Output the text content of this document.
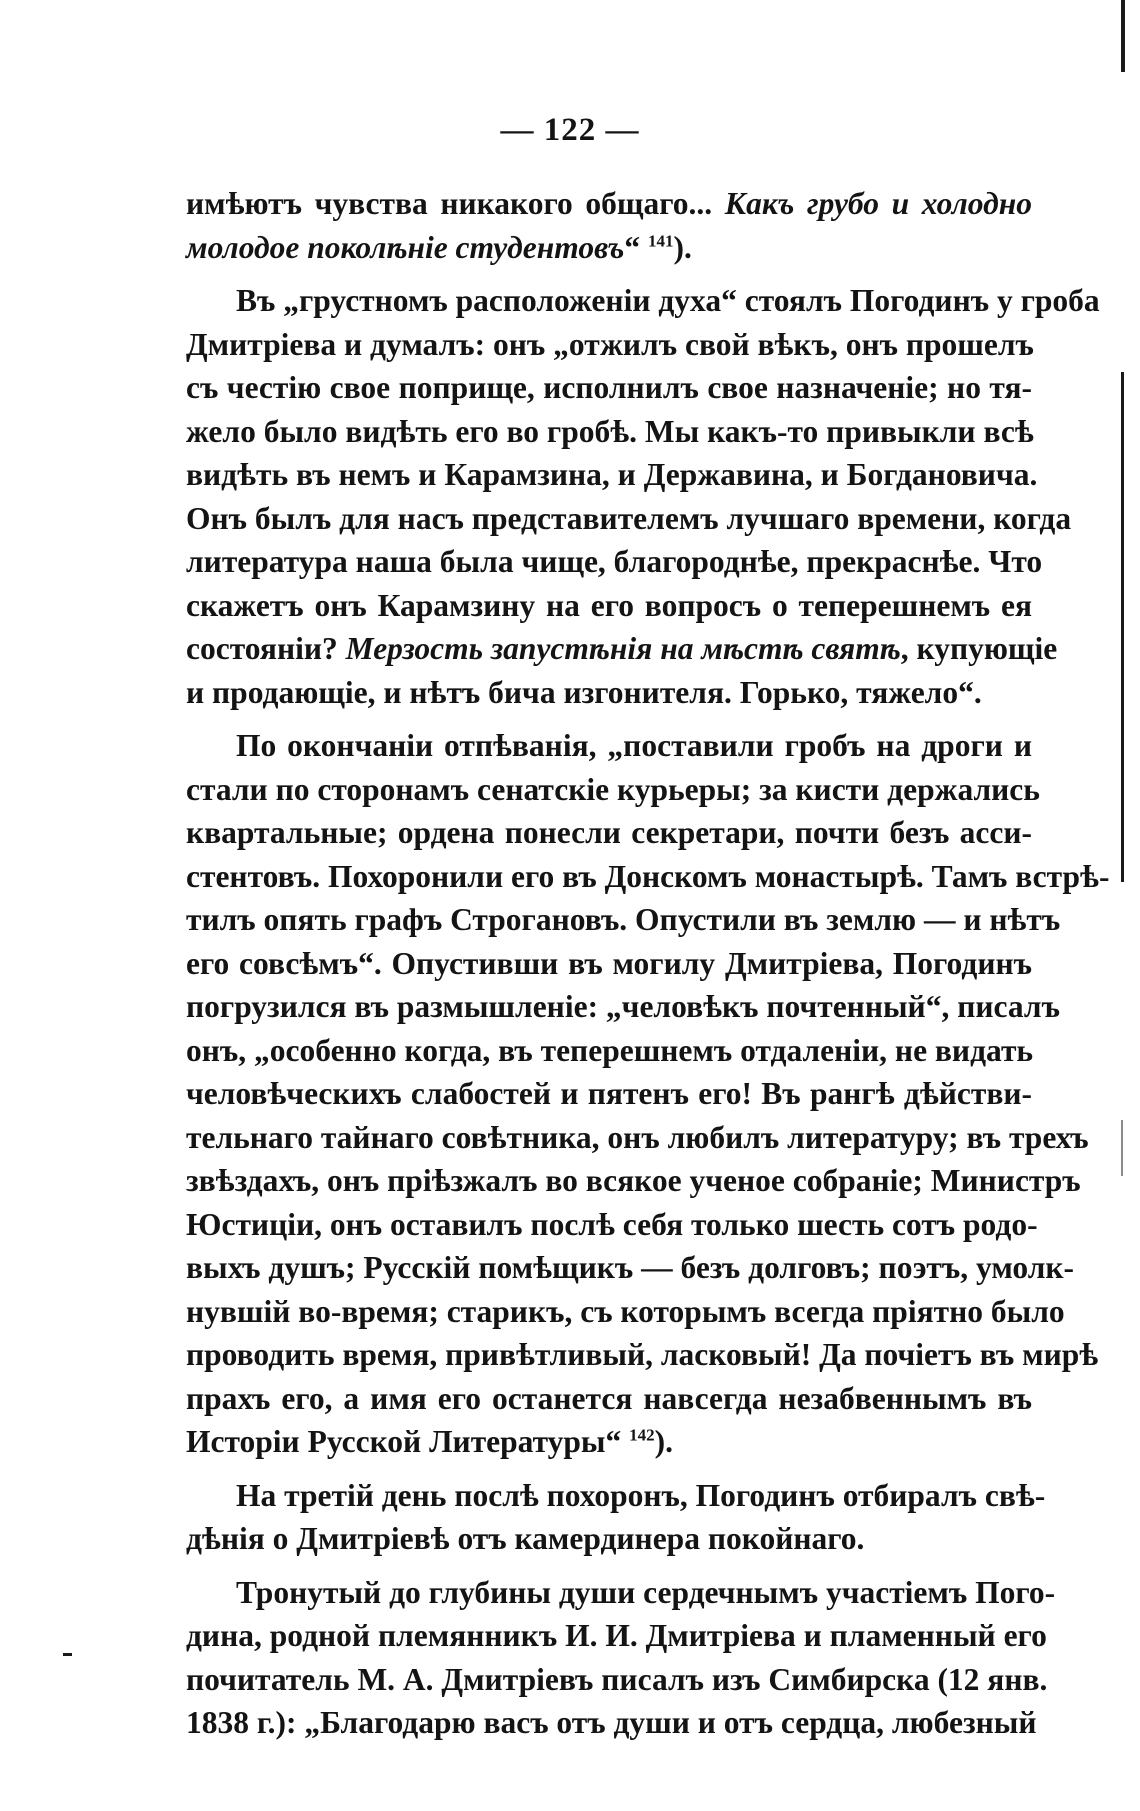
— 122 —
имѣютъ чувства никакого общаго... Какъ грубо и холодно
молодое поколѣніе студентовъ“ $^{141}$).
Въ „грустномъ расположеніи духа“ стоялъ Погодинъ у гроба
Дмитріева и думалъ: онъ „отжилъ свой вѣкъ, онъ прошелъ
съ честію свое поприще, исполнилъ свое назначеніе; но тя-
жело было видѣть его во гробѣ. Мы какъ-то привыкли всѣ
видѣть въ немъ и Карамзина, и Державина, и Богдановича.
Онъ былъ для насъ представителемъ лучшаго времени, когда
литература наша была чище, благороднѣе, прекраснѣе. Что
скажетъ онъ Карамзину на его вопросъ о теперешнемъ ея
состояніи? Мерзость запустѣнія на мѣстѣ святѣ, купующіе
и продающіе, и нѣтъ бича изгонителя. Горько, тяжело“.
По окончаніи отпѣванія, „поставили гробъ на дроги и
стали по сторонамъ сенатскіе курьеры; за кисти держались
квартальные; ордена понесли секретари, почти безъ асси-
стентовъ. Похоронили его въ Донскомъ монастырѣ. Тамъ встрѣ-
тилъ опять графъ Строгановъ. Опустили въ землю — и нѣтъ
его совсѣмъ“. Опустивши въ могилу Дмитріева, Погодинъ
погрузился въ размышленіе: „человѣкъ почтенный“, писалъ
онъ, „особенно когда, въ теперешнемъ отдаленіи, не видать
человѣческихъ слабостей и пятенъ его! Въ рангѣ дѣйстви-
тельнаго тайнаго совѣтника, онъ любилъ литературу; въ трехъ
звѣздахъ, онъ пріѣзжалъ во всякое ученое собраніе; Министръ
Юстиціи, онъ оставилъ послѣ себя только шесть сотъ родо-
выхъ душъ; Русскій помѣщикъ — безъ долговъ; поэтъ, умолк-
нувшій во-время; старикъ, съ которымъ всегда пріятно было
проводить время, привѣтливый, ласковый! Да почіетъ въ мирѣ
прахъ его, а имя его останется навсегда незабвеннымъ въ
Исторіи Русской Литературы“ $^{142}$).
На третій день послѣ похоронъ, Погодинъ отбиралъ свѣ-
дѣнія о Дмитріевѣ отъ камердинера покойнаго.
Тронутый до глубины души сердечнымъ участіемъ Пого-
дина, родной племянникъ И. И. Дмитріева и пламенный его
почитатель М. А. Дмитріевъ писалъ изъ Симбирска (12 янв.
1838 г.): „Благодарю васъ отъ души и отъ сердца, любезный
